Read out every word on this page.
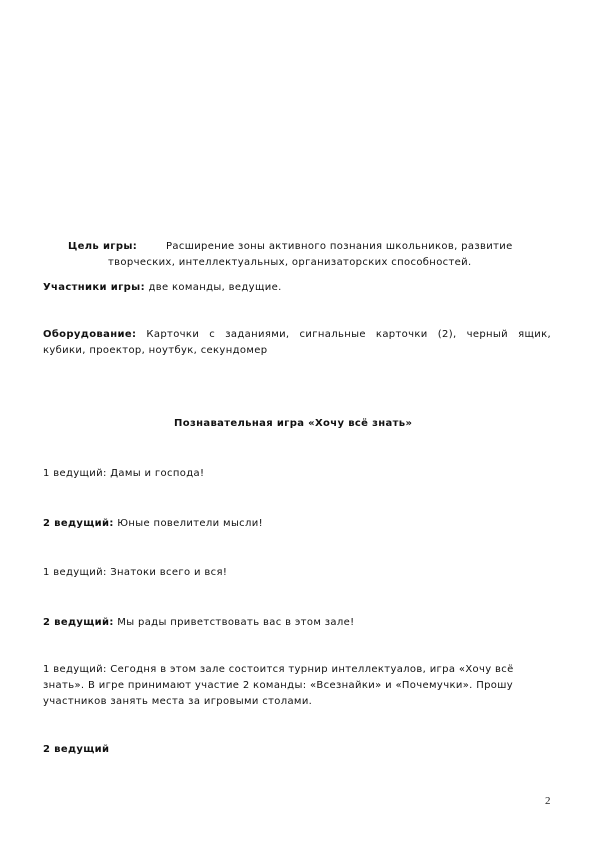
Цель игры:	Расширение зоны активного познания школьников, развитие
творческих, интеллектуальных, организаторских способностей.
Участники игры: две команды, ведущие.
Оборудование: Карточки с заданиями, сигнальные карточки (2), черный ящик,
кубики, проектор, ноутбук, секундомер
Познавательная игра «Хочу всё знать»
1 ведущий: Дамы и господа!
2 ведущий: Юные повелители мысли!
1 ведущий: Знатоки всего и вся!
2 ведущий: Мы рады приветствовать вас в этом зале!
1 ведущий: Сегодня в этом зале состоится турнир интеллектуалов, игра «Хочу всё
знать». В игре принимают участие 2 команды: «Всезнайки» и «Почемучки». Прошу
участников занять места за игровыми столами.
2 ведущий
2
